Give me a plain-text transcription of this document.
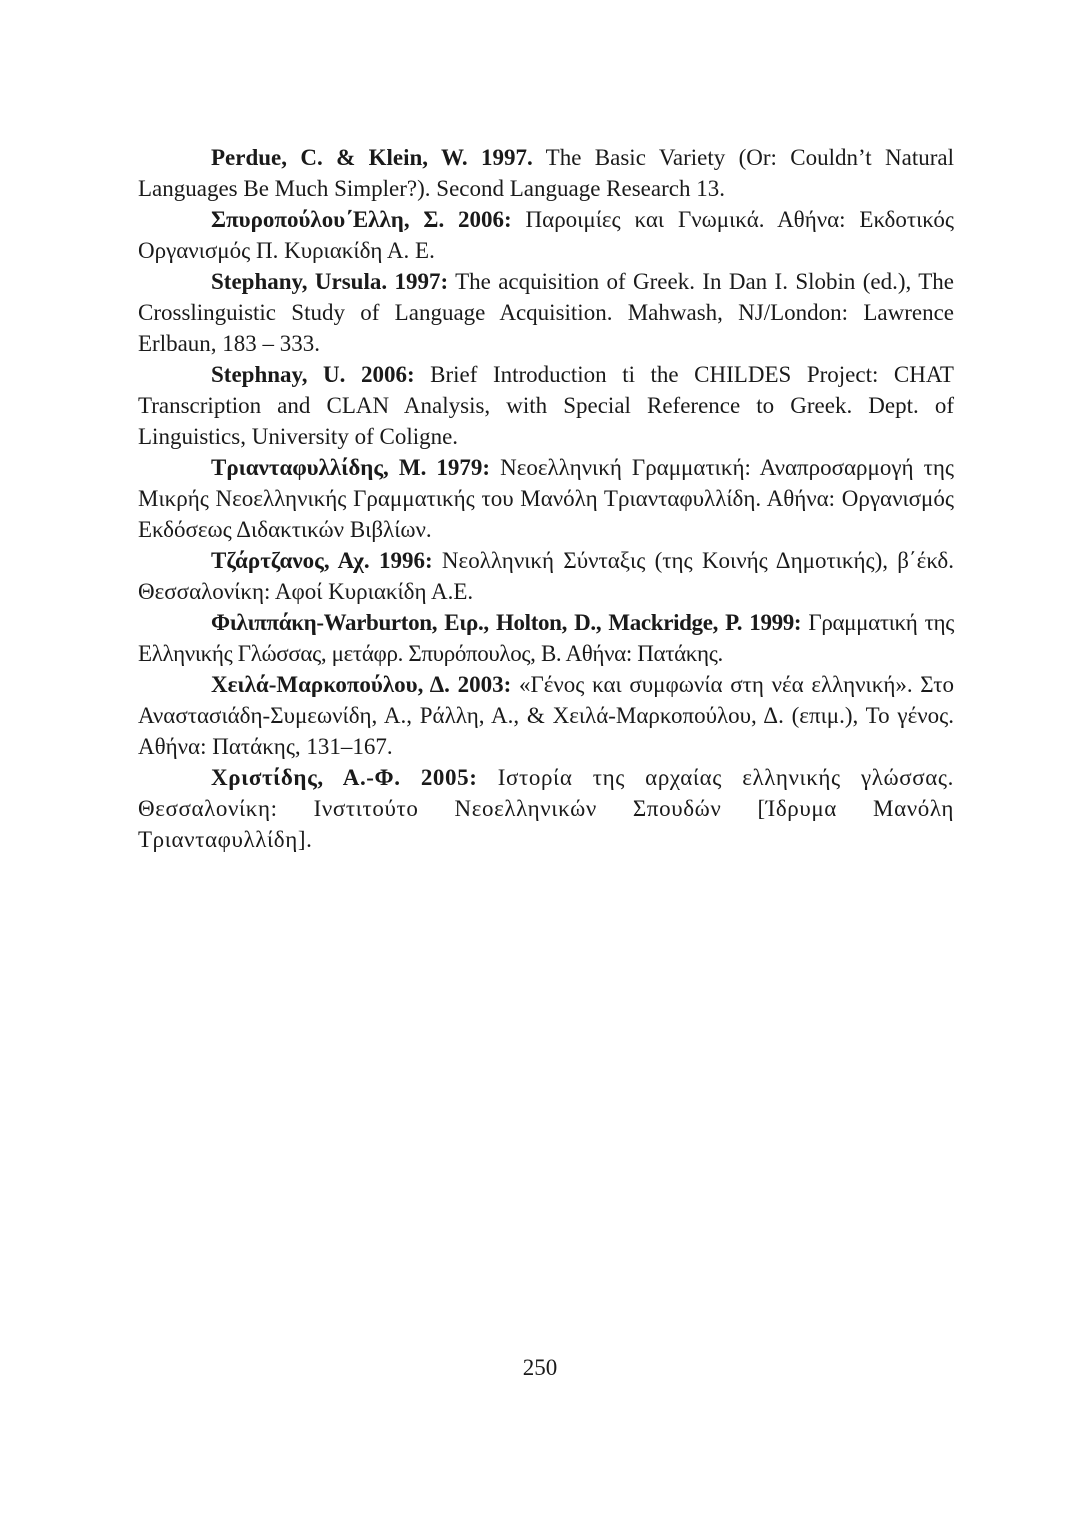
Perdue, C. & Klein, W. 1997. The Basic Variety (Or: Couldn’t Natural Languages Be Much Simpler?). Second Language Research 13.

Σπυροπούλου΄Ελλη, Σ. 2006: Παροιμίες και Γνωμικά. Αθήνα: Εκδοτικός Οργανισμός Π. Κυριακίδη Α. Ε.

Stephany, Ursula. 1997: The acquisition of Greek. In Dan I. Slobin (ed.), The Crosslinguistic Study of Language Acquisition. Mahwash, NJ/London: Lawrence Erlbaun, 183 – 333.

Stephnay, U. 2006: Brief Introduction ti the CHILDES Project: CHAT Transcription and CLAN Analysis, with Special Reference to Greek. Dept. of Linguistics, University of Coligne.

Τριανταφυλλίδης, Μ. 1979: Νεοελληνική Γραμματική: Αναπροσαρμογή της Μικρής Νεοελληνικής Γραμματικής του Μανόλη Τριανταφυλλίδη. Αθήνα: Οργανισμός Εκδόσεως Διδακτικών Βιβλίων.

Τζάρτζανος, Αχ. 1996: Νεολληνική Σύνταξις (της Κοινής Δημοτικής), β΄έκδ. Θεσσαλονίκη: Αφοί Κυριακίδη Α.Ε.

Φιλιππάκη-Warburton, Ειρ., Holton, D., Mackridge, P. 1999: Γραμματική της Ελληνικής Γλώσσας, μετάφρ. Σπυρόπουλος, Β. Αθήνα: Πατάκης.

Χειλά-Μαρκοπούλου, Δ. 2003: «Γένος και συμφωνία στη νέα ελληνική». Στο Αναστασιάδη-Συμεωνίδη, Α., Ράλλη, Α., & Χειλά-Μαρκοπούλου, Δ. (επιμ.), Το γένος. Αθήνα: Πατάκης, 131–167.

Χριστίδης, Α.-Φ. 2005: Ιστορία της αρχαίας ελληνικής γλώσσας. Θεσσαλονίκη: Ινστιτούτο Νεοελληνικών Σπουδών [Ίδρυμα Μανόλη Τριανταφυλλίδη].

250
